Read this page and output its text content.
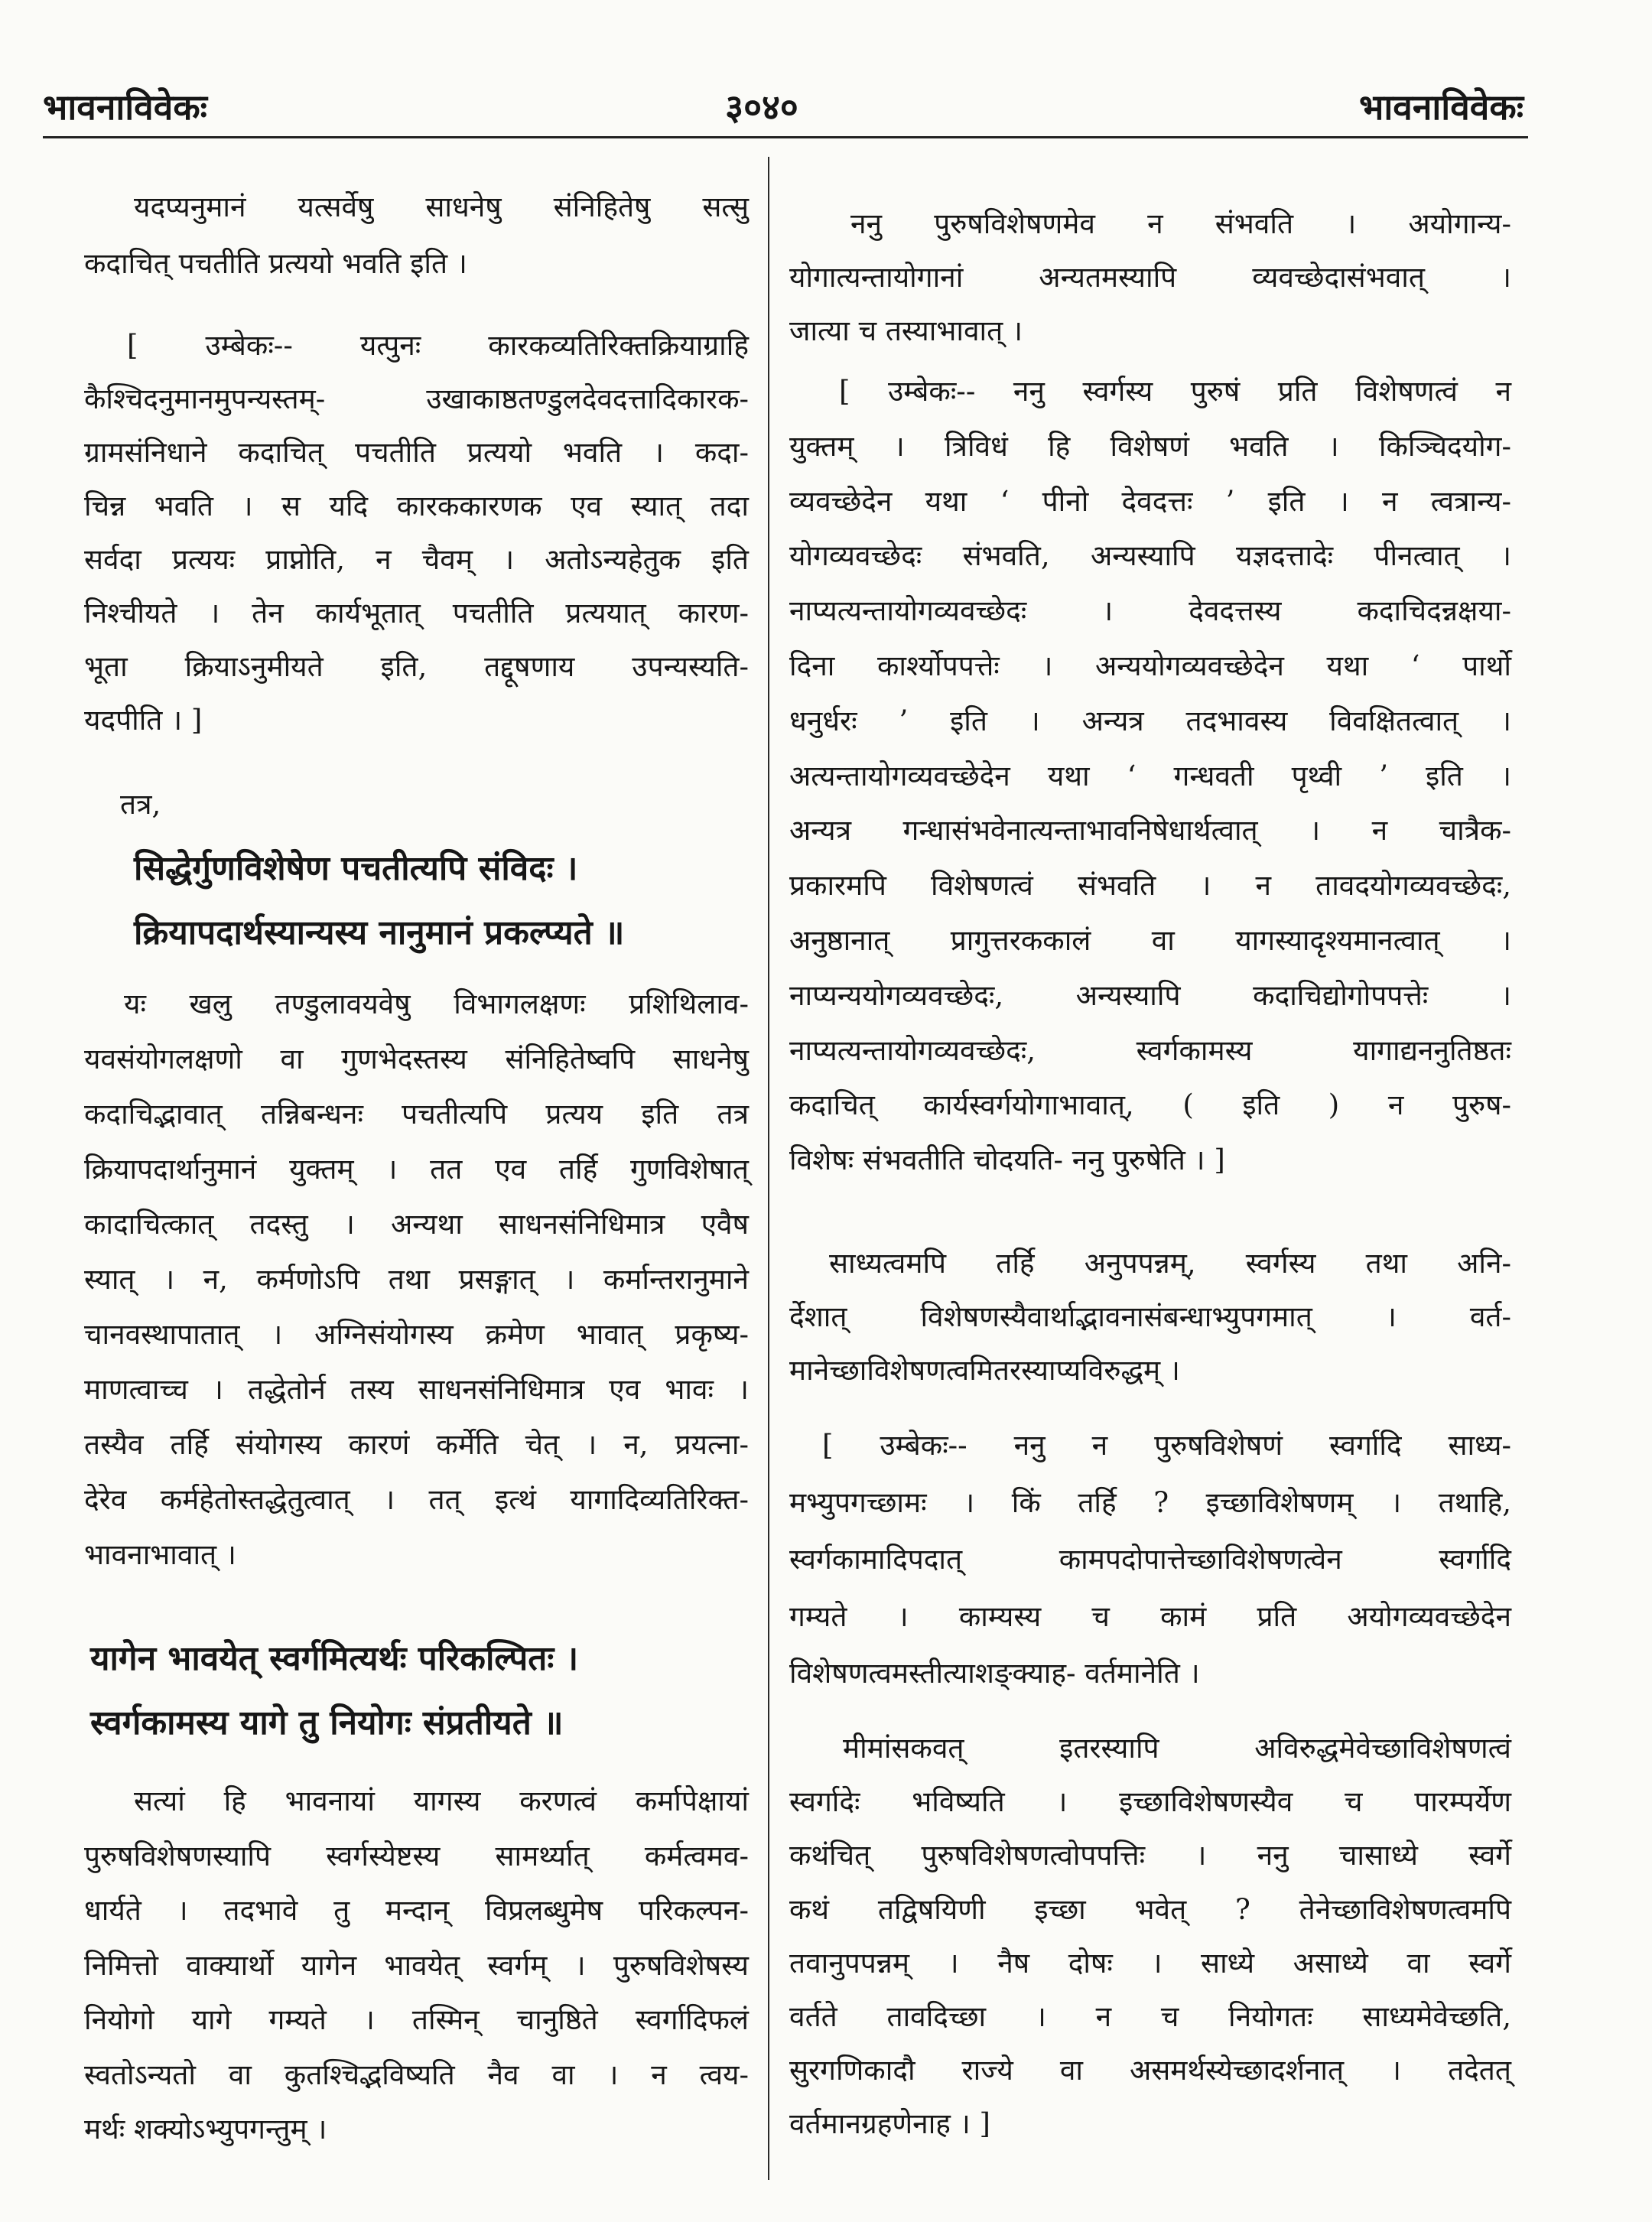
भावनाविवेकः	३०४०	भावनाविवेकः
यदप्यनुमानं यत्सर्वेषु साधनेषु संनिहितेषु सत्सु
कदाचित् पचतीति प्रत्ययो भवति इति ।
[ उम्बेकः-- यत्पुनः कारकव्यतिरिक्तक्रियाग्राहि
कैश्चिदनुमानमुपन्यस्तम्- उखाकाष्ठतण्डुलदेवदत्तादिकारक-
ग्रामसंनिधाने कदाचित् पचतीति प्रत्ययो भवति । कदा-
चिन्न भवति । स यदि कारककारणक एव स्यात् तदा
सर्वदा प्रत्ययः प्राप्नोति, न चैवम् । अतोऽन्यहेतुक इति
निश्चीयते । तेन कार्यभूतात् पचतीति प्रत्ययात् कारण-
भूता क्रियाऽनुमीयते इति, तद्दूषणाय उपन्यस्यति-
यदपीति । ]
तत्र,
सिद्धेर्गुणविशेषेण पचतीत्यपि संविदः ।
क्रियापदार्थस्यान्यस्य नानुमानं प्रकल्प्यते ॥
यः खलु तण्डुलावयवेषु विभागलक्षणः प्रशिथिलाव-
यवसंयोगलक्षणो वा गुणभेदस्तस्य संनिहितेष्वपि साधनेषु
कदाचिद्भावात् तन्निबन्धनः पचतीत्यपि प्रत्यय इति तत्र
क्रियापदार्थानुमानं युक्तम् । तत एव तर्हि गुणविशेषात्
कादाचित्कात् तदस्तु । अन्यथा साधनसंनिधिमात्र एवैष
स्यात् । न, कर्मणोऽपि तथा प्रसङ्गात् । कर्मान्तरानुमाने
चानवस्थापातात् । अग्निसंयोगस्य क्रमेण भावात् प्रकृष्य-
माणत्वाच्च । तद्धेतोर्न तस्य साधनसंनिधिमात्र एव भावः ।
तस्यैव तर्हि संयोगस्य कारणं कर्मेति चेत् । न, प्रयत्ना-
देरेव कर्महेतोस्तद्धेतुत्वात् । तत् इत्थं यागादिव्यतिरिक्त-
भावनाभावात् ।
यागेन भावयेत् स्वर्गमित्यर्थः परिकल्पितः ।
स्वर्गकामस्य यागे तु नियोगः संप्रतीयते ॥
सत्यां हि भावनायां यागस्य करणत्वं कर्मापेक्षायां
पुरुषविशेषणस्यापि स्वर्गस्येष्टस्य सामर्थ्यात् कर्मत्वमव-
धार्यते । तदभावे तु मन्दान् विप्रलब्धुमेष परिकल्पन-
निमित्तो वाक्यार्थो यागेन भावयेत् स्वर्गम् । पुरुषविशेषस्य
नियोगो यागे गम्यते । तस्मिन् चानुष्ठिते स्वर्गादिफलं
स्वतोऽन्यतो वा कुतश्चिद्भविष्यति नैव वा । न त्वय-
मर्थः शक्योऽभ्युपगन्तुम् ।
ननु पुरुषविशेषणमेव न संभवति । अयोगान्य-
योगात्यन्तायोगानां अन्यतमस्यापि व्यवच्छेदासंभवात् ।
जात्या च तस्याभावात् ।
[ उम्बेकः-- ननु स्वर्गस्य पुरुषं प्रति विशेषणत्वं न
युक्तम् । त्रिविधं हि विशेषणं भवति । किञ्चिदयोग-
व्यवच्छेदेन यथा ‘ पीनो देवदत्तः ’ इति । न त्वत्रान्य-
योगव्यवच्छेदः संभवति, अन्यस्यापि यज्ञदत्तादेः पीनत्वात् ।
नाप्यत्यन्तायोगव्यवच्छेदः । देवदत्तस्य कदाचिदन्नक्षया-
दिना कार्श्योपपत्तेः । अन्ययोगव्यवच्छेदेन यथा ‘ पार्थो
धनुर्धरः ’ इति । अन्यत्र तदभावस्य विवक्षितत्वात् ।
अत्यन्तायोगव्यवच्छेदेन यथा ‘ गन्धवती पृथ्वी ’ इति ।
अन्यत्र गन्धासंभवेनात्यन्ताभावनिषेधार्थत्वात् । न चात्रैक-
प्रकारमपि विशेषणत्वं संभवति । न तावदयोगव्यवच्छेदः,
अनुष्ठानात् प्रागुत्तरककालं वा यागस्यादृश्यमानत्वात् ।
नाप्यन्ययोगव्यवच्छेदः, अन्यस्यापि कदाचिद्योगोपपत्तेः ।
नाप्यत्यन्तायोगव्यवच्छेदः, स्वर्गकामस्य यागाद्यननुतिष्ठतः
कदाचित् कार्यस्वर्गयोगाभावात्, ( इति ) न पुरुष-
विशेषः संभवतीति चोदयति- ननु पुरुषेति । ]
साध्यत्वमपि तर्हि अनुपपन्नम्, स्वर्गस्य तथा अनि-
र्देशात् विशेषणस्यैवार्थाद्भावनासंबन्धाभ्युपगमात् । वर्त-
मानेच्छाविशेषणत्वमितरस्याप्यविरुद्धम् ।
[ उम्बेकः-- ननु न पुरुषविशेषणं स्वर्गादि साध्य-
मभ्युपगच्छामः । किं तर्हि ? इच्छाविशेषणम् । तथाहि,
स्वर्गकामादिपदात् कामपदोपात्तेच्छाविशेषणत्वेन स्वर्गादि
गम्यते । काम्यस्य च कामं प्रति अयोगव्यवच्छेदेन
विशेषणत्वमस्तीत्याशङ्क्याह- वर्तमानेति ।
मीमांसकवत् इतरस्यापि अविरुद्धमेवेच्छाविशेषणत्वं
स्वर्गादेः भविष्यति । इच्छाविशेषणस्यैव च पारम्पर्येण
कथंचित् पुरुषविशेषणत्वोपपत्तिः । ननु चासाध्ये स्वर्गे
कथं तद्विषयिणी इच्छा भवेत् ? तेनेच्छाविशेषणत्वमपि
तवानुपपन्नम् । नैष दोषः । साध्ये असाध्ये वा स्वर्गे
वर्तते तावदिच्छा । न च नियोगतः साध्यमेवेच्छति,
सुरगणिकादौ राज्ये वा असमर्थस्येच्छादर्शनात् । तदेतत्
वर्तमानग्रहणेनाह । ]
